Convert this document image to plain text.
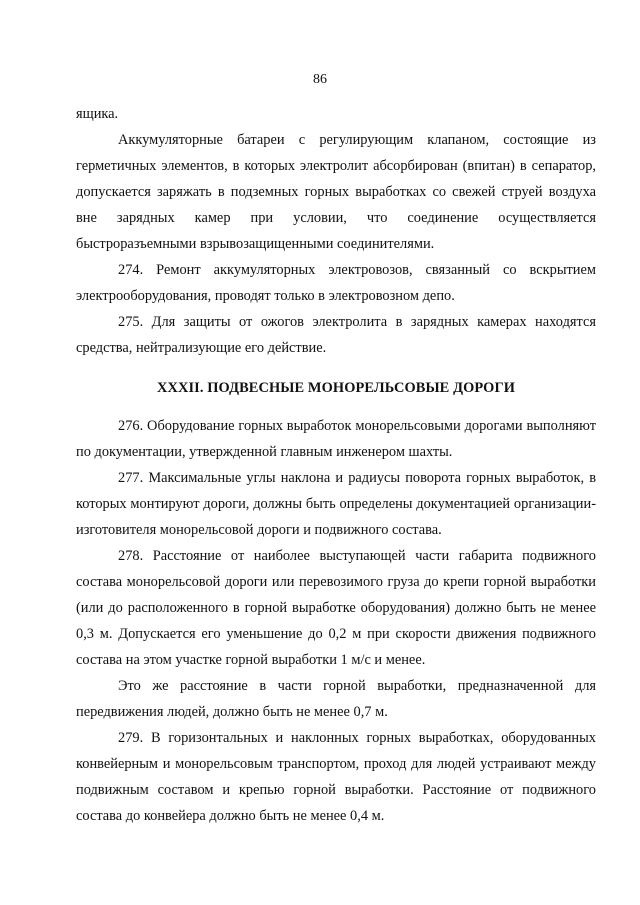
86

ящика.

Аккумуляторные батареи с регулирующим клапаном, состоящие из герметичных элементов, в которых электролит абсорбирован (впитан) в сепаратор, допускается заряжать в подземных горных выработках со свежей струей воздуха вне зарядных камер при условии, что соединение осуществляется быстроразъемными взрывозащищенными соединителями.

274. Ремонт аккумуляторных электровозов, связанный со вскрытием электрооборудования, проводят только в электровозном депо.

275. Для защиты от ожогов электролита в зарядных камерах находятся средства, нейтрализующие его действие.

XXXII. ПОДВЕСНЫЕ МОНОРЕЛЬСОВЫЕ ДОРОГИ

276. Оборудование горных выработок монорельсовыми дорогами выполняют по документации, утвержденной главным инженером шахты.

277. Максимальные углы наклона и радиусы поворота горных выработок, в которых монтируют дороги, должны быть определены документацией организации-изготовителя монорельсовой дороги и подвижного состава.

278. Расстояние от наиболее выступающей части габарита подвижного состава монорельсовой дороги или перевозимого груза до крепи горной выработки (или до расположенного в горной выработке оборудования) должно быть не менее 0,3 м. Допускается его уменьшение до 0,2 м при скорости движения подвижного состава на этом участке горной выработки 1 м/с и менее.

Это же расстояние в части горной выработки, предназначенной для передвижения людей, должно быть не менее 0,7 м.

279. В горизонтальных и наклонных горных выработках, оборудованных конвейерным и монорельсовым транспортом, проход для людей устраивают между подвижным составом и крепью горной выработки. Расстояние от подвижного состава до конвейера должно быть не менее 0,4 м.
